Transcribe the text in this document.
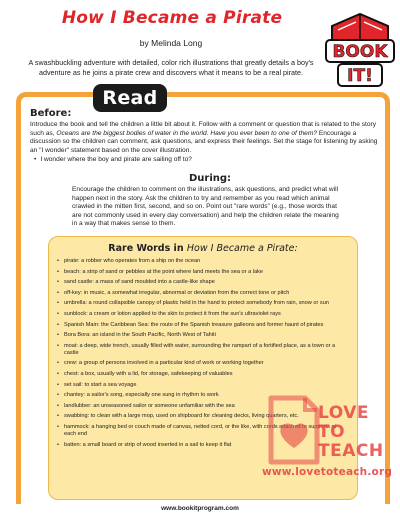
How I Became a Pirate
by Melinda Long
A swashbuckling adventure with detailed, color rich illustrations that greatly details a boy's adventure as he joins a pirate crew and discovers what it means to be a real pirate.
BOOK
IT!
Read
Before:
Introduce the book and tell the children a little bit about it. Follow with a comment or question that is related to the story such as, Oceans are the biggest bodies of water in the world. Have you ever been to one of them? Encourage a discussion so the children can comment, ask questions, and express their feelings. Set the stage for listening by asking an "I wonder" statement based on the cover illustration.
• I wonder where the boy and pirate are sailing off to?
During:
Encourage the children to comment on the illustrations, ask questions, and predict what will happen next in the story. Ask the children to try and remember as you read which animal crawled in the mitten first, second, and so on. Point out "rare words" (e.g., those words that are not commonly used in every day conversation) and help the children relate the meaning in a way that makes sense to them.
Rare Words in How I Became a Pirate:
• pirate: a robber who operates from a ship on the ocean
• beach: a strip of sand or pebbles at the point where land meets the sea or a lake
• sand castle: a mass of sand moulded into a castle-like shape
• off-key: in music, a somewhat irregular, abnormal or deviation from the correct tone or pitch
• umbrella: a round collapsible canopy of plastic held in the hand to protect somebody from rain, snow or sun
• sunblock: a cream or lotion applied to the skin to protect it from the sun's ultraviolet rays
• Spanish Main: the Caribbean Sea: the route of the Spanish treasure galleons and former haunt of pirates
• Bora Bora: an island in the South Pacific, North West of Tahiti
• moat: a deep, wide trench, usually filled with water, surrounding the rampart of a fortified place, as a town or a castle
• crew: a group of persons involved in a particular kind of work or working together
• chest: a box, usually with a lid, for storage, safekeeping of valuables
• set sail: to start a sea voyage
• chantey: a sailor's song, especially one sung in rhythm to work
• landlubber: an unseasoned sailor or someone unfamiliar with the sea
• swabbing: to clean with a large mop, used on shipboard for cleaning decks, living quarters, etc.
• hammock: a hanging bed or couch made of canvas, netted cord, or the like, with cords attached to supports at each end
• batten: a small board or strip of wood inserted in a sail to keep it flat
LOVE
TO
TEACH
www.lovetoteach.org
www.bookitprogram.com
